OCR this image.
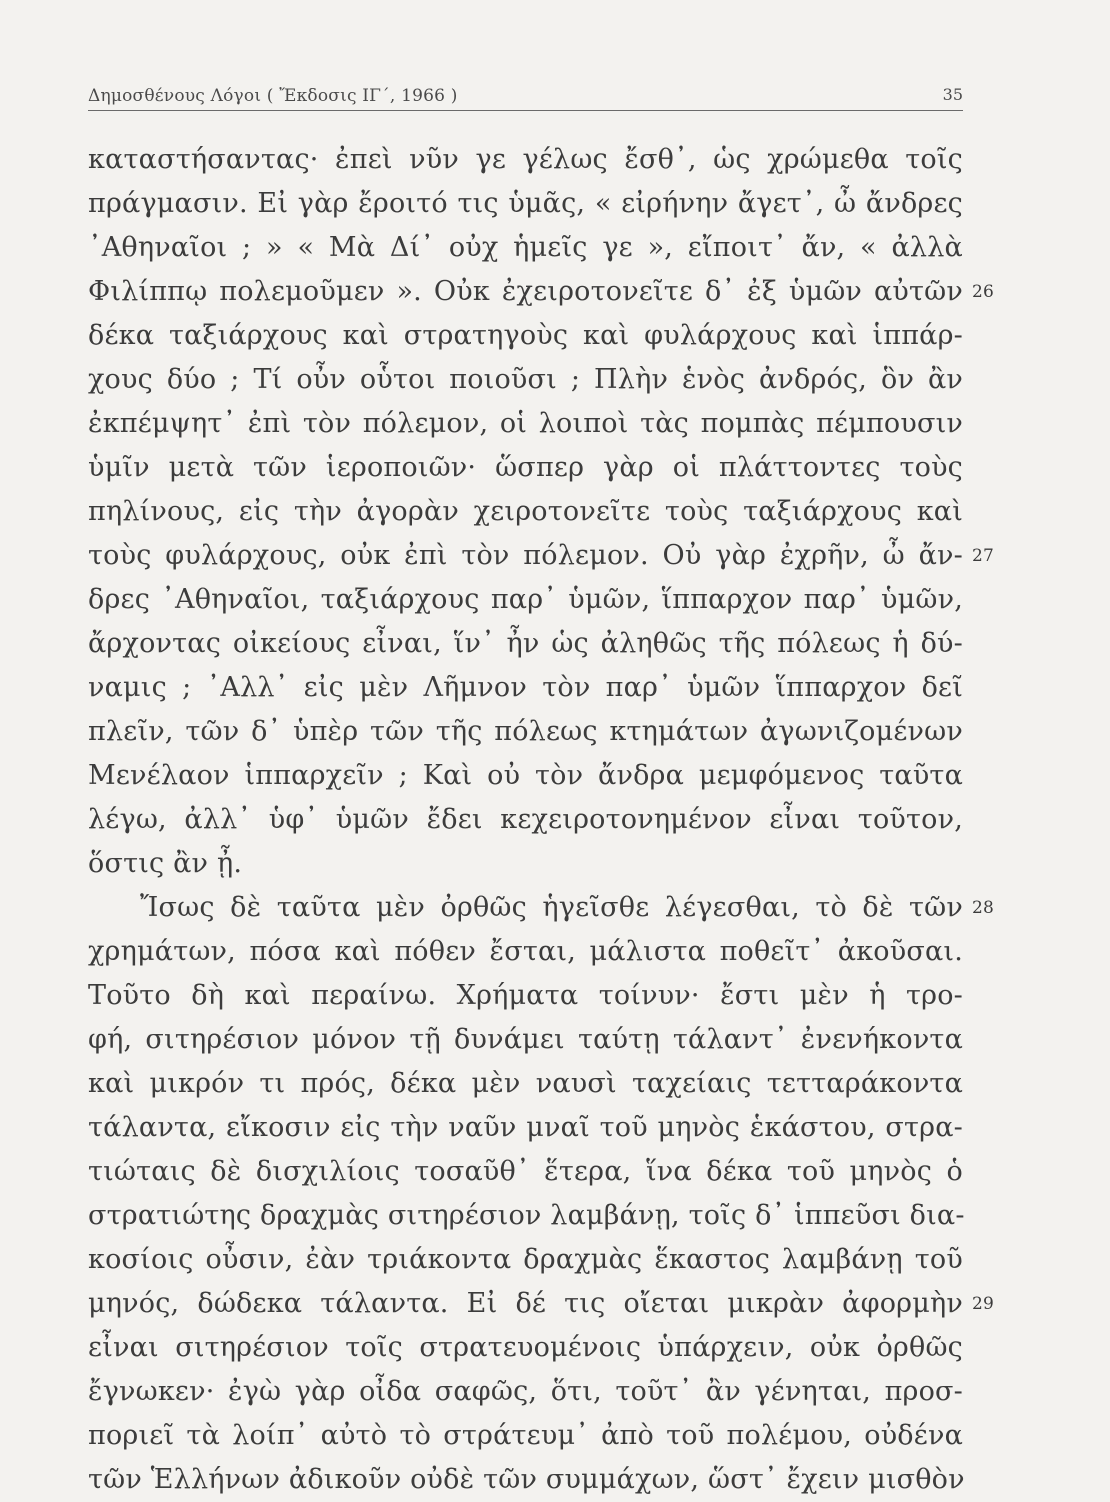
Δημοσθένους Λόγοι ( Ἔκδοσις ΙΓ΄, 1966 )	35
καταστήσαντας· ἐπεὶ νῦν γε γέλως ἔσθ᾽, ὡς χρώμεθα τοῖς
πράγμασιν. Εἰ γὰρ ἔροιτό τις ὑμᾶς, « εἰρήνην ἄγετ᾽, ὦ ἄνδρες
᾽Αθηναῖοι ; » « Μὰ Δί᾽ οὐχ ἡμεῖς γε », εἴποιτ᾽ ἄν, « ἀλλὰ
Φιλίππῳ πολεμοῦμεν ». Οὐκ ἐχειροτονεῖτε δ᾽ ἐξ ὑμῶν αὐτῶν 26
δέκα ταξιάρχους καὶ στρατηγοὺς καὶ φυλάρχους καὶ ἱππάρ-
χους δύο ; Τί οὖν οὗτοι ποιοῦσι ; Πλὴν ἑνὸς ἀνδρός, ὃν ἂν
ἐκπέμψητ᾽ ἐπὶ τὸν πόλεμον, οἱ λοιποὶ τὰς πομπὰς πέμπουσιν
ὑμῖν μετὰ τῶν ἱεροποιῶν· ὥσπερ γὰρ οἱ πλάττοντες τοὺς
πηλίνους, εἰς τὴν ἀγορὰν χειροτονεῖτε τοὺς ταξιάρχους καὶ
τοὺς φυλάρχους, οὐκ ἐπὶ τὸν πόλεμον. Οὐ γὰρ ἐχρῆν, ὦ ἄν- 27
δρες ᾽Αθηναῖοι, ταξιάρχους παρ᾽ ὑμῶν, ἵππαρχον παρ᾽ ὑμῶν,
ἄρχοντας οἰκείους εἶναι, ἵν᾽ ἦν ὡς ἀληθῶς τῆς πόλεως ἡ δύ-
ναμις ; ᾽Αλλ᾽ εἰς μὲν Λῆμνον τὸν παρ᾽ ὑμῶν ἵππαρχον δεῖ
πλεῖν, τῶν δ᾽ ὑπὲρ τῶν τῆς πόλεως κτημάτων ἀγωνιζομένων
Μενέλαον ἱππαρχεῖν ; Καὶ οὐ τὸν ἄνδρα μεμφόμενος ταῦτα
λέγω, ἀλλ᾽ ὑφ᾽ ὑμῶν ἔδει κεχειροτονημένον εἶναι τοῦτον,
ὅστις ἂν ᾖ.
Ἴσως δὲ ταῦτα μὲν ὀρθῶς ἡγεῖσθε λέγεσθαι, τὸ δὲ τῶν 28
χρημάτων, πόσα καὶ πόθεν ἔσται, μάλιστα ποθεῖτ᾽ ἀκοῦσαι.
Τοῦτο δὴ καὶ περαίνω. Χρήματα τοίνυν· ἔστι μὲν ἡ τρο-
φή, σιτηρέσιον μόνον τῇ δυνάμει ταύτῃ τάλαντ᾽ ἐνενήκοντα
καὶ μικρόν τι πρός, δέκα μὲν ναυσὶ ταχείαις τετταράκοντα
τάλαντα, εἴκοσιν εἰς τὴν ναῦν μναῖ τοῦ μηνὸς ἑκάστου, στρα-
τιώταις δὲ δισχιλίοις τοσαῦθ᾽ ἕτερα, ἵνα δέκα τοῦ μηνὸς ὁ
στρατιώτης δραχμὰς σιτηρέσιον λαμβάνῃ, τοῖς δ᾽ ἱππεῦσι δια-
κοσίοις οὖσιν, ἐὰν τριάκοντα δραχμὰς ἕκαστος λαμβάνῃ τοῦ
μηνός, δώδεκα τάλαντα. Εἰ δέ τις οἴεται μικρὰν ἀφορμὴν 29
εἶναι σιτηρέσιον τοῖς στρατευομένοις ὑπάρχειν, οὐκ ὀρθῶς
ἔγνωκεν· ἐγὼ γὰρ οἶδα σαφῶς, ὅτι, τοῦτ᾽ ἂν γένηται, προσ-
ποριεῖ τὰ λοίπ᾽ αὐτὸ τὸ στράτευμ᾽ ἀπὸ τοῦ πολέμου, οὐδένα
τῶν Ἑλλήνων ἀδικοῦν οὐδὲ τῶν συμμάχων, ὥστ᾽ ἔχειν μισθὸν
